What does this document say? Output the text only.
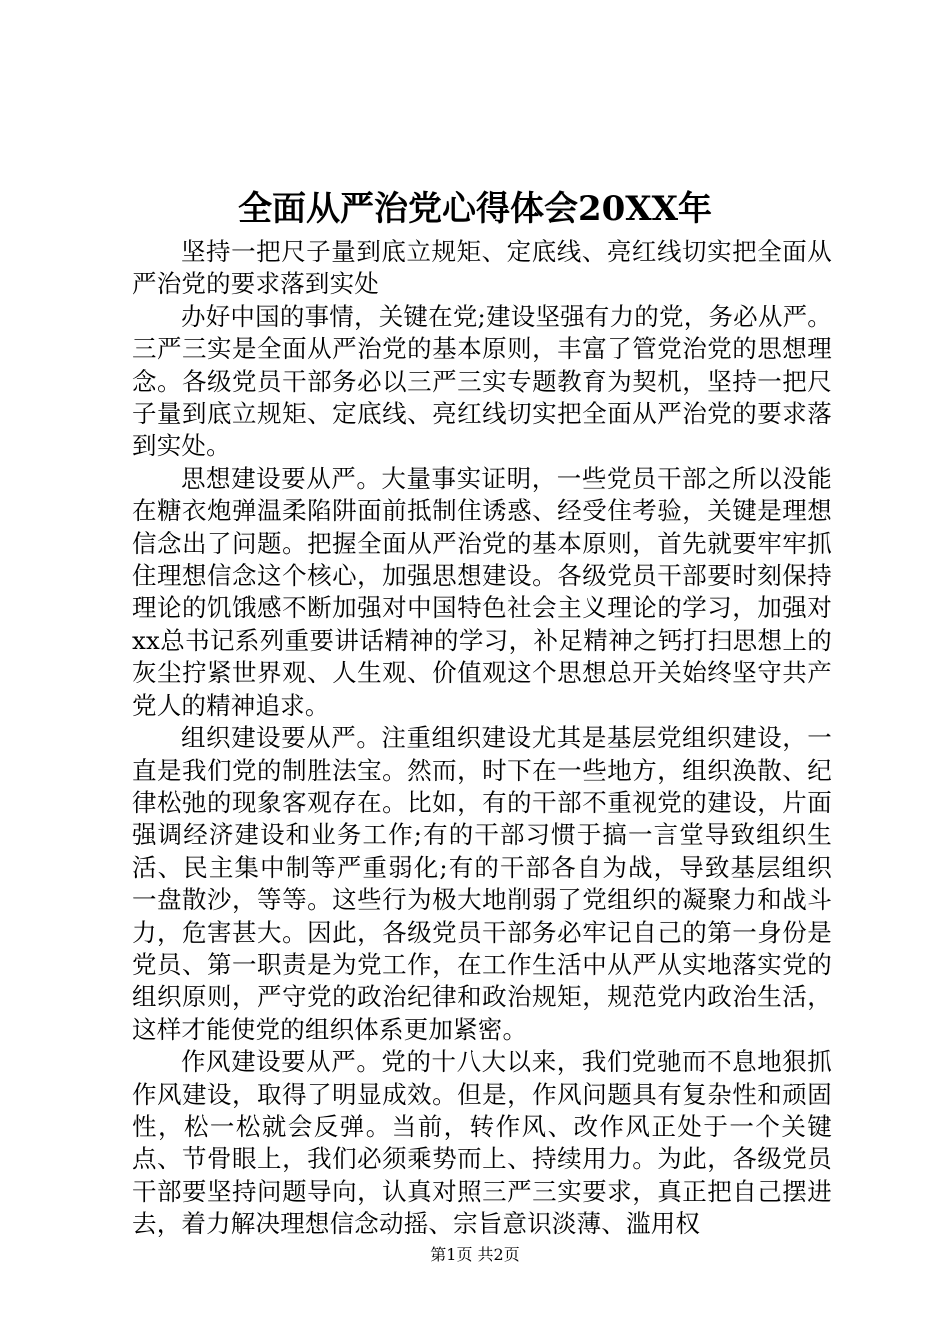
全面从严治党心得体会20XX年

坚持一把尺子量到底立规矩、定底线、亮红线切实把全面从严治党的要求落到实处

办好中国的事情，关键在党;建设坚强有力的党，务必从严。三严三实是全面从严治党的基本原则，丰富了管党治党的思想理念。各级党员干部务必以三严三实专题教育为契机，坚持一把尺子量到底立规矩、定底线、亮红线切实把全面从严治党的要求落到实处。

思想建设要从严。大量事实证明，一些党员干部之所以没能在糖衣炮弹温柔陷阱面前抵制住诱惑、经受住考验，关键是理想信念出了问题。把握全面从严治党的基本原则，首先就要牢牢抓住理想信念这个核心，加强思想建设。各级党员干部要时刻保持理论的饥饿感不断加强对中国特色社会主义理论的学习，加强对xx总书记系列重要讲话精神的学习，补足精神之钙打扫思想上的灰尘拧紧世界观、人生观、价值观这个思想总开关始终坚守共产党人的精神追求。

组织建设要从严。注重组织建设尤其是基层党组织建设，一直是我们党的制胜法宝。然而，时下在一些地方，组织涣散、纪律松弛的现象客观存在。比如，有的干部不重视党的建设，片面强调经济建设和业务工作;有的干部习惯于搞一言堂导致组织生活、民主集中制等严重弱化;有的干部各自为战，导致基层组织一盘散沙，等等。这些行为极大地削弱了党组织的凝聚力和战斗力，危害甚大。因此，各级党员干部务必牢记自己的第一身份是党员、第一职责是为党工作，在工作生活中从严从实地落实党的组织原则，严守党的政治纪律和政治规矩，规范党内政治生活，这样才能使党的组织体系更加紧密。

作风建设要从严。党的十八大以来，我们党驰而不息地狠抓作风建设，取得了明显成效。但是，作风问题具有复杂性和顽固性，松一松就会反弹。当前，转作风、改作风正处于一个关键点、节骨眼上，我们必须乘势而上、持续用力。为此，各级党员干部要坚持问题导向，认真对照三严三实要求，真正把自己摆进去，着力解决理想信念动摇、宗旨意识淡薄、滥用权

第1页 共2页
